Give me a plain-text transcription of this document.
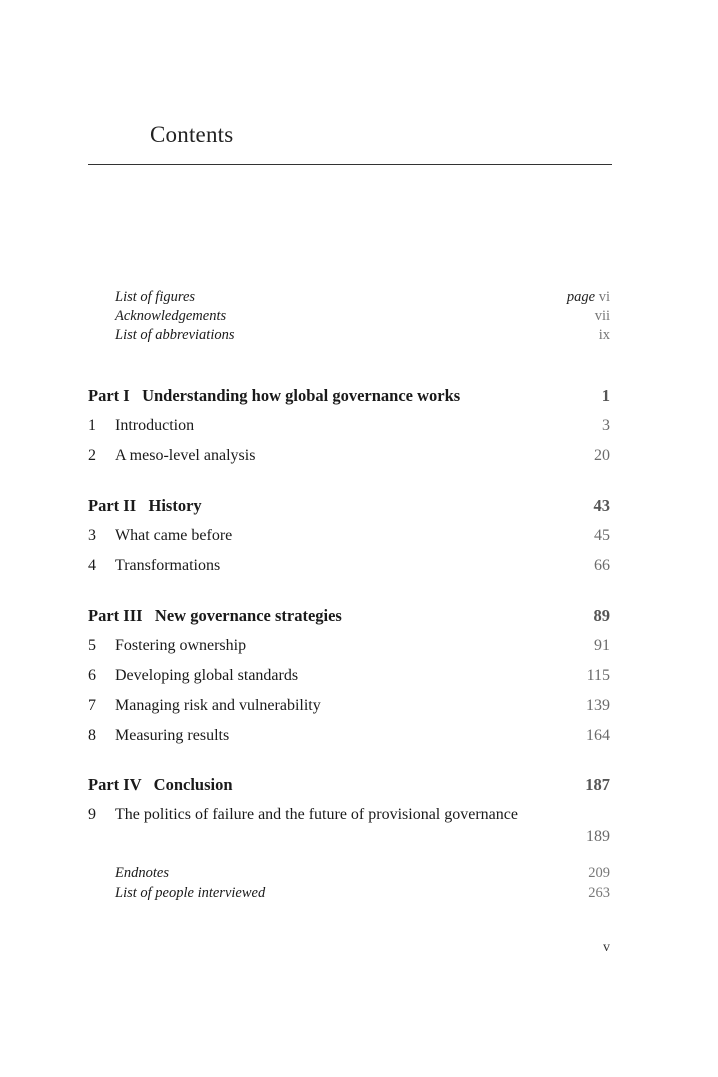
Contents
List of figures	page vi
Acknowledgements	vii
List of abbreviations	ix
Part I   Understanding how global governance works	1
1 Introduction	3
2 A meso-level analysis	20
Part II   History	43
3 What came before	45
4 Transformations	66
Part III   New governance strategies	89
5 Fostering ownership	91
6 Developing global standards	115
7 Managing risk and vulnerability	139
8 Measuring results	164
Part IV   Conclusion	187
9 The politics of failure and the future of provisional governance
189
Endnotes	209
List of people interviewed	263
v
